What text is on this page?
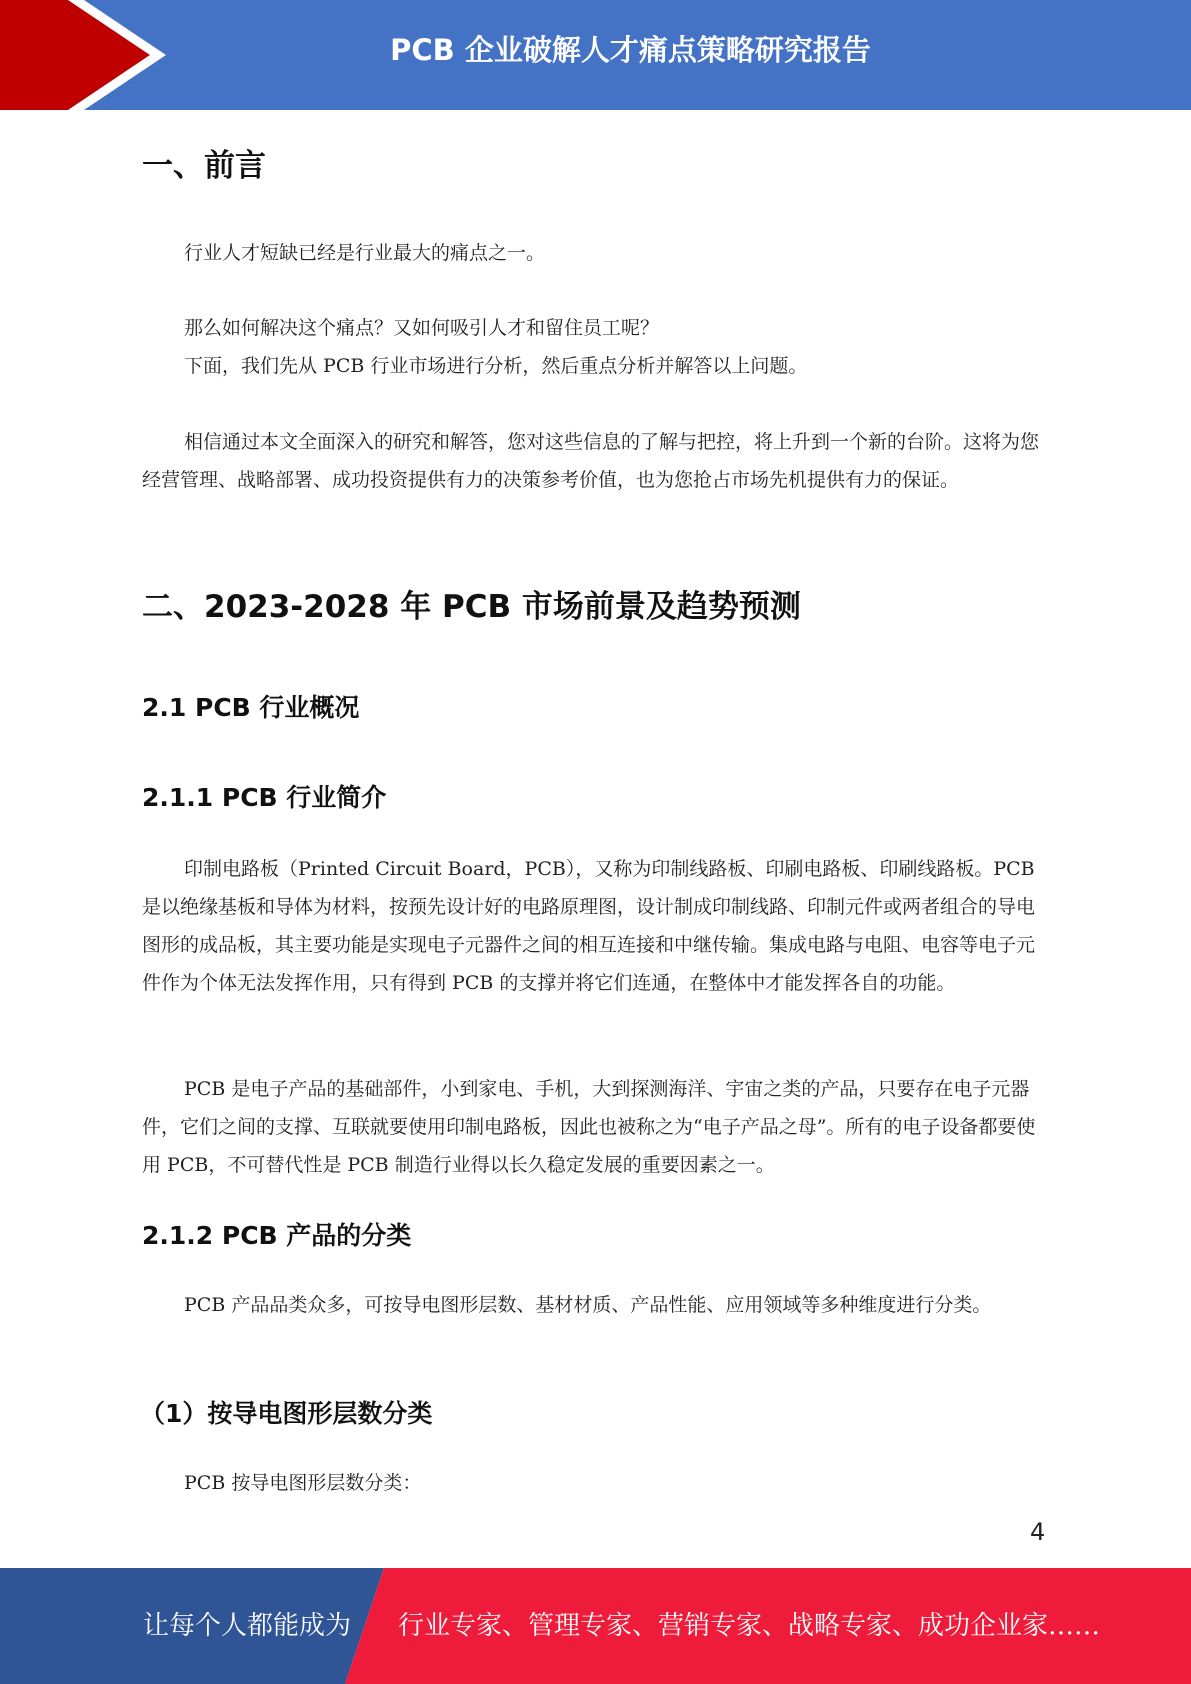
PCB 企业破解人才痛点策略研究报告
一、前言

行业人才短缺已经是行业最大的痛点之一。

那么如何解决这个痛点？又如何吸引人才和留住员工呢？

下面，我们先从 PCB 行业市场进行分析，然后重点分析并解答以上问题。

相信通过本文全面深入的研究和解答，您对这些信息的了解与把控，将上升到一个新的台阶。这将为您经营管理、战略部署、成功投资提供有力的决策参考价值，也为您抢占市场先机提供有力的保证。

二、2023-2028 年 PCB 市场前景及趋势预测
2.1 PCB 行业概况
2.1.1 PCB 行业简介

印制电路板（Printed Circuit Board，PCB），又称为印制线路板、印刷电路板、印刷线路板。PCB 是以绝缘基板和导体为材料，按预先设计好的电路原理图，设计制成印制线路、印制元件或两者组合的导电图形的成品板，其主要功能是实现电子元器件之间的相互连接和中继传输。集成电路与电阻、电容等电子元件作为个体无法发挥作用，只有得到 PCB 的支撑并将它们连通，在整体中才能发挥各自的功能。

PCB 是电子产品的基础部件，小到家电、手机，大到探测海洋、宇宙之类的产品，只要存在电子元器件，它们之间的支撑、互联就要使用印制电路板，因此也被称之为“电子产品之母”。所有的电子设备都要使用 PCB，不可替代性是 PCB 制造行业得以长久稳定发展的重要因素之一。

2.1.2 PCB 产品的分类

PCB 产品品类众多，可按导电图形层数、基材材质、产品性能、应用领域等多种维度进行分类。

（1）按导电图形层数分类

PCB 按导电图形层数分类：

4
让每个人都能成为 行业专家、管理专家、营销专家、战略专家、成功企业家……
